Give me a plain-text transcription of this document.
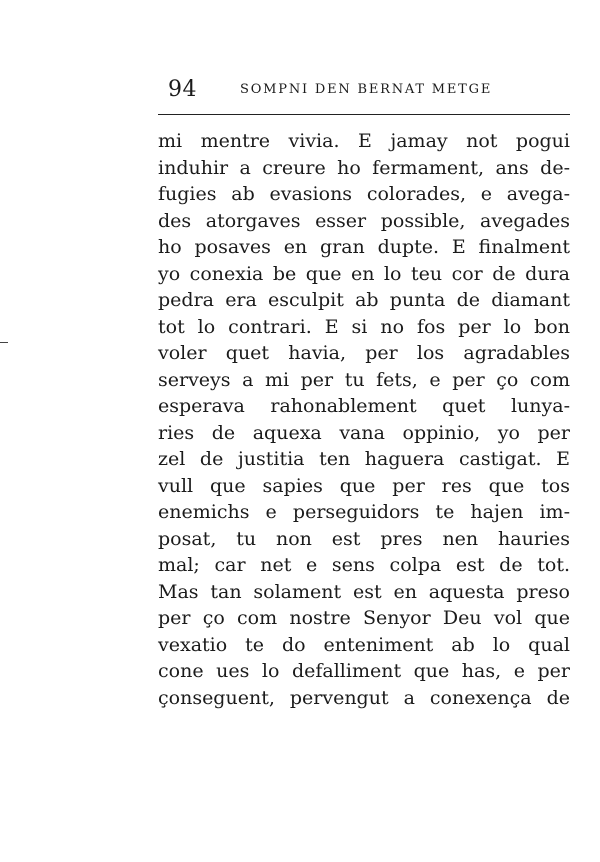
94	SOMPNI DEN BERNAT METGE
mi mentre vivia. E jamay not pogui
induhir a creure ho fermament, ans de-
fugies ab evasions colorades, e avega-
des atorgaves esser possible, avegades
ho posaves en gran dupte. E finalment
yo conexia be que en lo teu cor de dura
pedra era esculpit ab punta de diamant
tot lo contrari. E si no fos per lo bon
voler quet havia, per los agradables
serveys a mi per tu fets, e per ço com
esperava rahonablement quet lunya-
ries de aquexa vana oppinio, yo per
zel de justitia ten haguera castigat. E
vull que sapies que per res que tos
enemichs e perseguidors te hajen im-
posat, tu non est pres nen hauries
mal; car net e sens colpa est de tot.
Mas tan solament est en aquesta preso
per ço com nostre Senyor Deu vol que
vexatio te do enteniment ab lo qual
cone ues lo defalliment que has, e per
çonseguent, pervengut a conexença de
